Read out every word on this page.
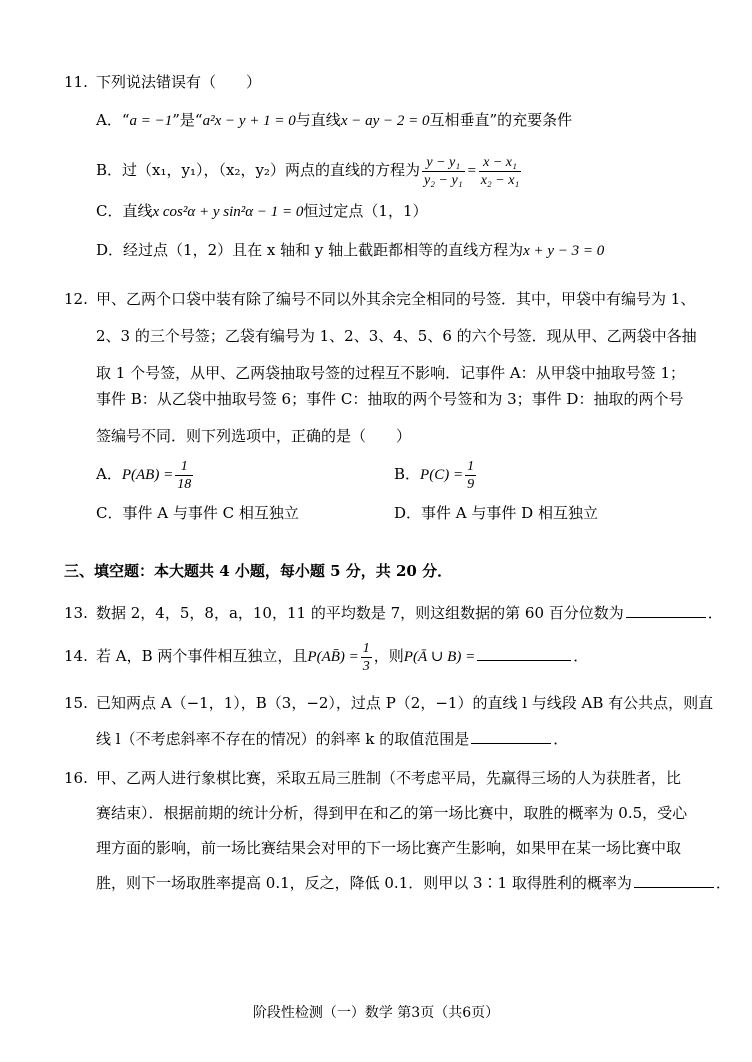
11. 下列说法错误有（　　）
A．“a = −1”是“a²x − y + 1 = 0与直线x − ay − 2 = 0互相垂直”的充要条件
B．过（x₁，y₁），（x₂，y₂）两点的直线的方程为 $\frac{\text{y − y₁}}{\text{y₂ − y₁}} = \frac{\text{x − x₁}}{\text{x₂ − x₁}}$
C．直线x cos²α + y sin²α − 1 = 0恒过定点（1，1）
D．经过点（1，2）且在 x 轴和 y 轴上截距都相等的直线方程为x + y − 3 = 0
12. 甲、乙两个口袋中装有除了编号不同以外其余完全相同的号签．其中，甲袋中有编号为 1、
2、3 的三个号签；乙袋有编号为 1、2、3、4、5、6 的六个号签．现从甲、乙两袋中各抽
取 1 个号签，从甲、乙两袋抽取号签的过程互不影响．记事件 A：从甲袋中抽取号签 1；
事件 B：从乙袋中抽取号签 6；事件 C：抽取的两个号签和为 3；事件 D：抽取的两个号
签编号不同．则下列选项中，正确的是（　　）
A．$P(AB) = \frac{1}{18}$	B．$P(C) = \frac{1}{9}$
C．事件 A 与事件 C 相互独立	D．事件 A 与事件 D 相互独立
三、填空题：本大题共 4 小题，每小题 5 分，共 20 分．
13. 数据 2，4，5，8，a，10，11 的平均数是 7，则这组数据的第 60 百分位数为	．
14. 若 A，B 两个事件相互独立，且P(AB̄) = $\frac{1}{3}$ ，则P(Ā ∪ B) =	．
15. 已知两点 A（−1，1），B（3，−2），过点 P（2，−1）的直线 l 与线段 AB 有公共点，则直
线 l（不考虑斜率不存在的情况）的斜率 k 的取值范围是	．
16. 甲、乙两人进行象棋比赛，采取五局三胜制（不考虑平局，先赢得三场的人为获胜者，比
赛结束）．根据前期的统计分析，得到甲在和乙的第一场比赛中，取胜的概率为 0.5，受心
理方面的影响，前一场比赛结果会对甲的下一场比赛产生影响，如果甲在某一场比赛中取
胜，则下一场取胜率提高 0.1，反之，降低 0.1．则甲以 3∶1 取得胜利的概率为	．
阶段性检测（一）数学 第3页（共6页）
